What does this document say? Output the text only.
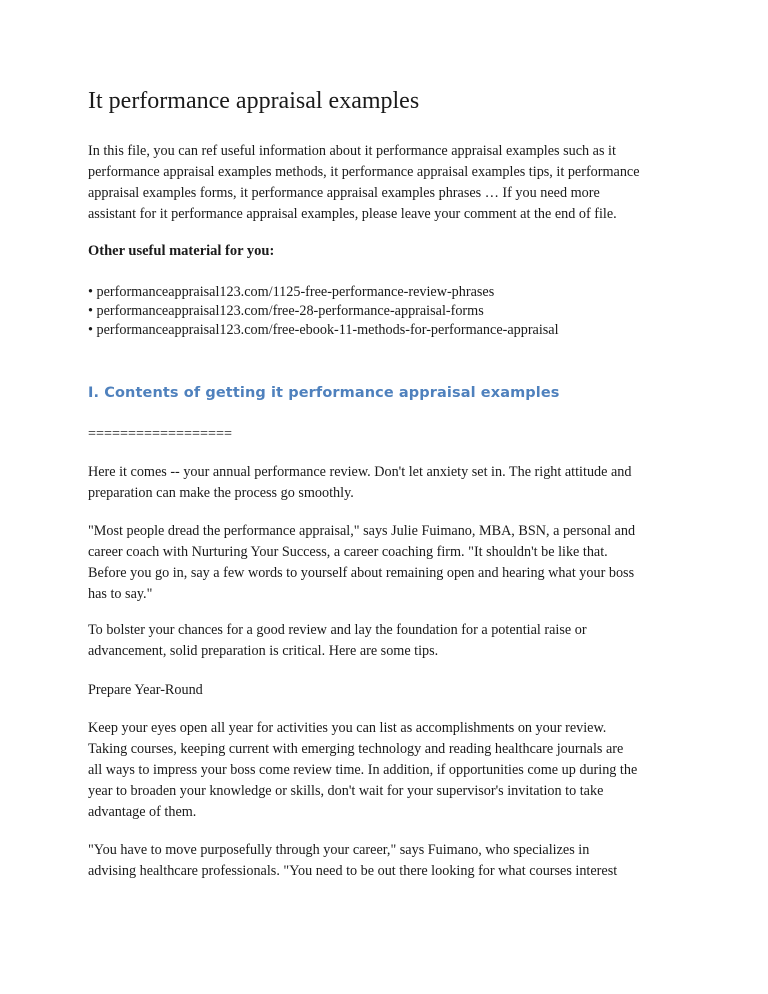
It performance appraisal examples
In this file, you can ref useful information about it performance appraisal examples such as it
performance appraisal examples methods, it performance appraisal examples tips, it performance
appraisal examples forms, it performance appraisal examples phrases … If you need more
assistant for it performance appraisal examples, please leave your comment at the end of file.

Other useful material for you:

• performanceappraisal123.com/1125-free-performance-review-phrases
• performanceappraisal123.com/free-28-performance-appraisal-forms
• performanceappraisal123.com/free-ebook-11-methods-for-performance-appraisal
I. Contents of getting it performance appraisal examples

==================

Here it comes -- your annual performance review. Don't let anxiety set in. The right attitude and
preparation can make the process go smoothly.
"Most people dread the performance appraisal," says Julie Fuimano, MBA, BSN, a personal and
career coach with Nurturing Your Success, a career coaching firm. "It shouldn't be like that.
Before you go in, say a few words to yourself about remaining open and hearing what your boss
has to say."
To bolster your chances for a good review and lay the foundation for a potential raise or
advancement, solid preparation is critical. Here are some tips.
Prepare Year-Round
Keep your eyes open all year for activities you can list as accomplishments on your review.
Taking courses, keeping current with emerging technology and reading healthcare journals are
all ways to impress your boss come review time. In addition, if opportunities come up during the
year to broaden your knowledge or skills, don't wait for your supervisor's invitation to take
advantage of them.
"You have to move purposefully through your career," says Fuimano, who specializes in
advising healthcare professionals. "You need to be out there looking for what courses interest
